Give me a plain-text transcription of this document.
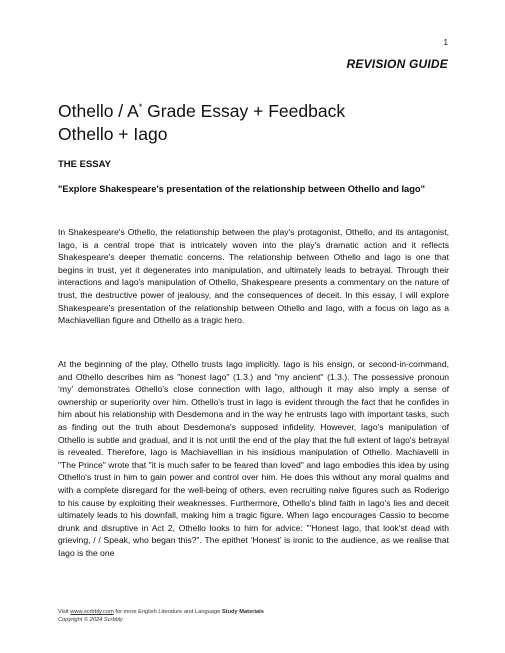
1
REVISION GUIDE
Othello / A* Grade Essay + Feedback
Othello + Iago
THE ESSAY
"Explore Shakespeare's presentation of the relationship between Othello and Iago"

In Shakespeare's Othello, the relationship between the play's protagonist, Othello, and its antagonist, Iago, is a central trope that is intricately woven into the play's dramatic action and it reflects Shakespeare's deeper thematic concerns. The relationship between Othello and Iago is one that begins in trust, yet it degenerates into manipulation, and ultimately leads to betrayal. Through their interactions and Iago's manipulation of Othello, Shakespeare presents a commentary on the nature of trust, the destructive power of jealousy, and the consequences of deceit. In this essay, I will explore Shakespeare's presentation of the relationship between Othello and Iago, with a focus on Iago as a Machiavellian figure and Othello as a tragic hero.

At the beginning of the play, Othello trusts Iago implicitly. Iago is his ensign, or second-in-command, and Othello describes him as "honest Iago" (1.3.) and "my ancient" (1.3.). The possessive pronoun ‘my’ demonstrates Othello's close connection with Iago, although it may also imply a sense of ownership or superiority over him. Othello's trust in Iago is evident through the fact that he confides in him about his relationship with Desdemona and in the way he entrusts Iago with important tasks, such as finding out the truth about Desdemona's supposed infidelity. However, Iago's manipulation of Othello is subtle and gradual, and it is not until the end of the play that the full extent of Iago's betrayal is revealed. Therefore, Iago is Machiavellian in his insidious manipulation of Othello. Machiavelli in "The Prince" wrote that "it is much safer to be feared than loved" and Iago embodies this idea by using Othello's trust in him to gain power and control over him. He does this without any moral qualms and with a complete disregard for the well-being of others, even recruiting naive figures such as Roderigo to his cause by exploiting their weaknesses. Furthermore, Othello's blind faith in Iago’s lies and deceit ultimately leads to his downfall, making him a tragic figure. When Iago encourages Cassio to become drunk and disruptive in Act 2, Othello looks to him for advice: "'Honest Iago, that look'st dead with grieving, / / Speak, who began this?". The epithet ‘Honest’ is ironic to the audience, as we realise that Iago is the one

Visit www.scrbbly.com for more English Literature and Language Study Materials
Copyright © 2024 Scrbbly
